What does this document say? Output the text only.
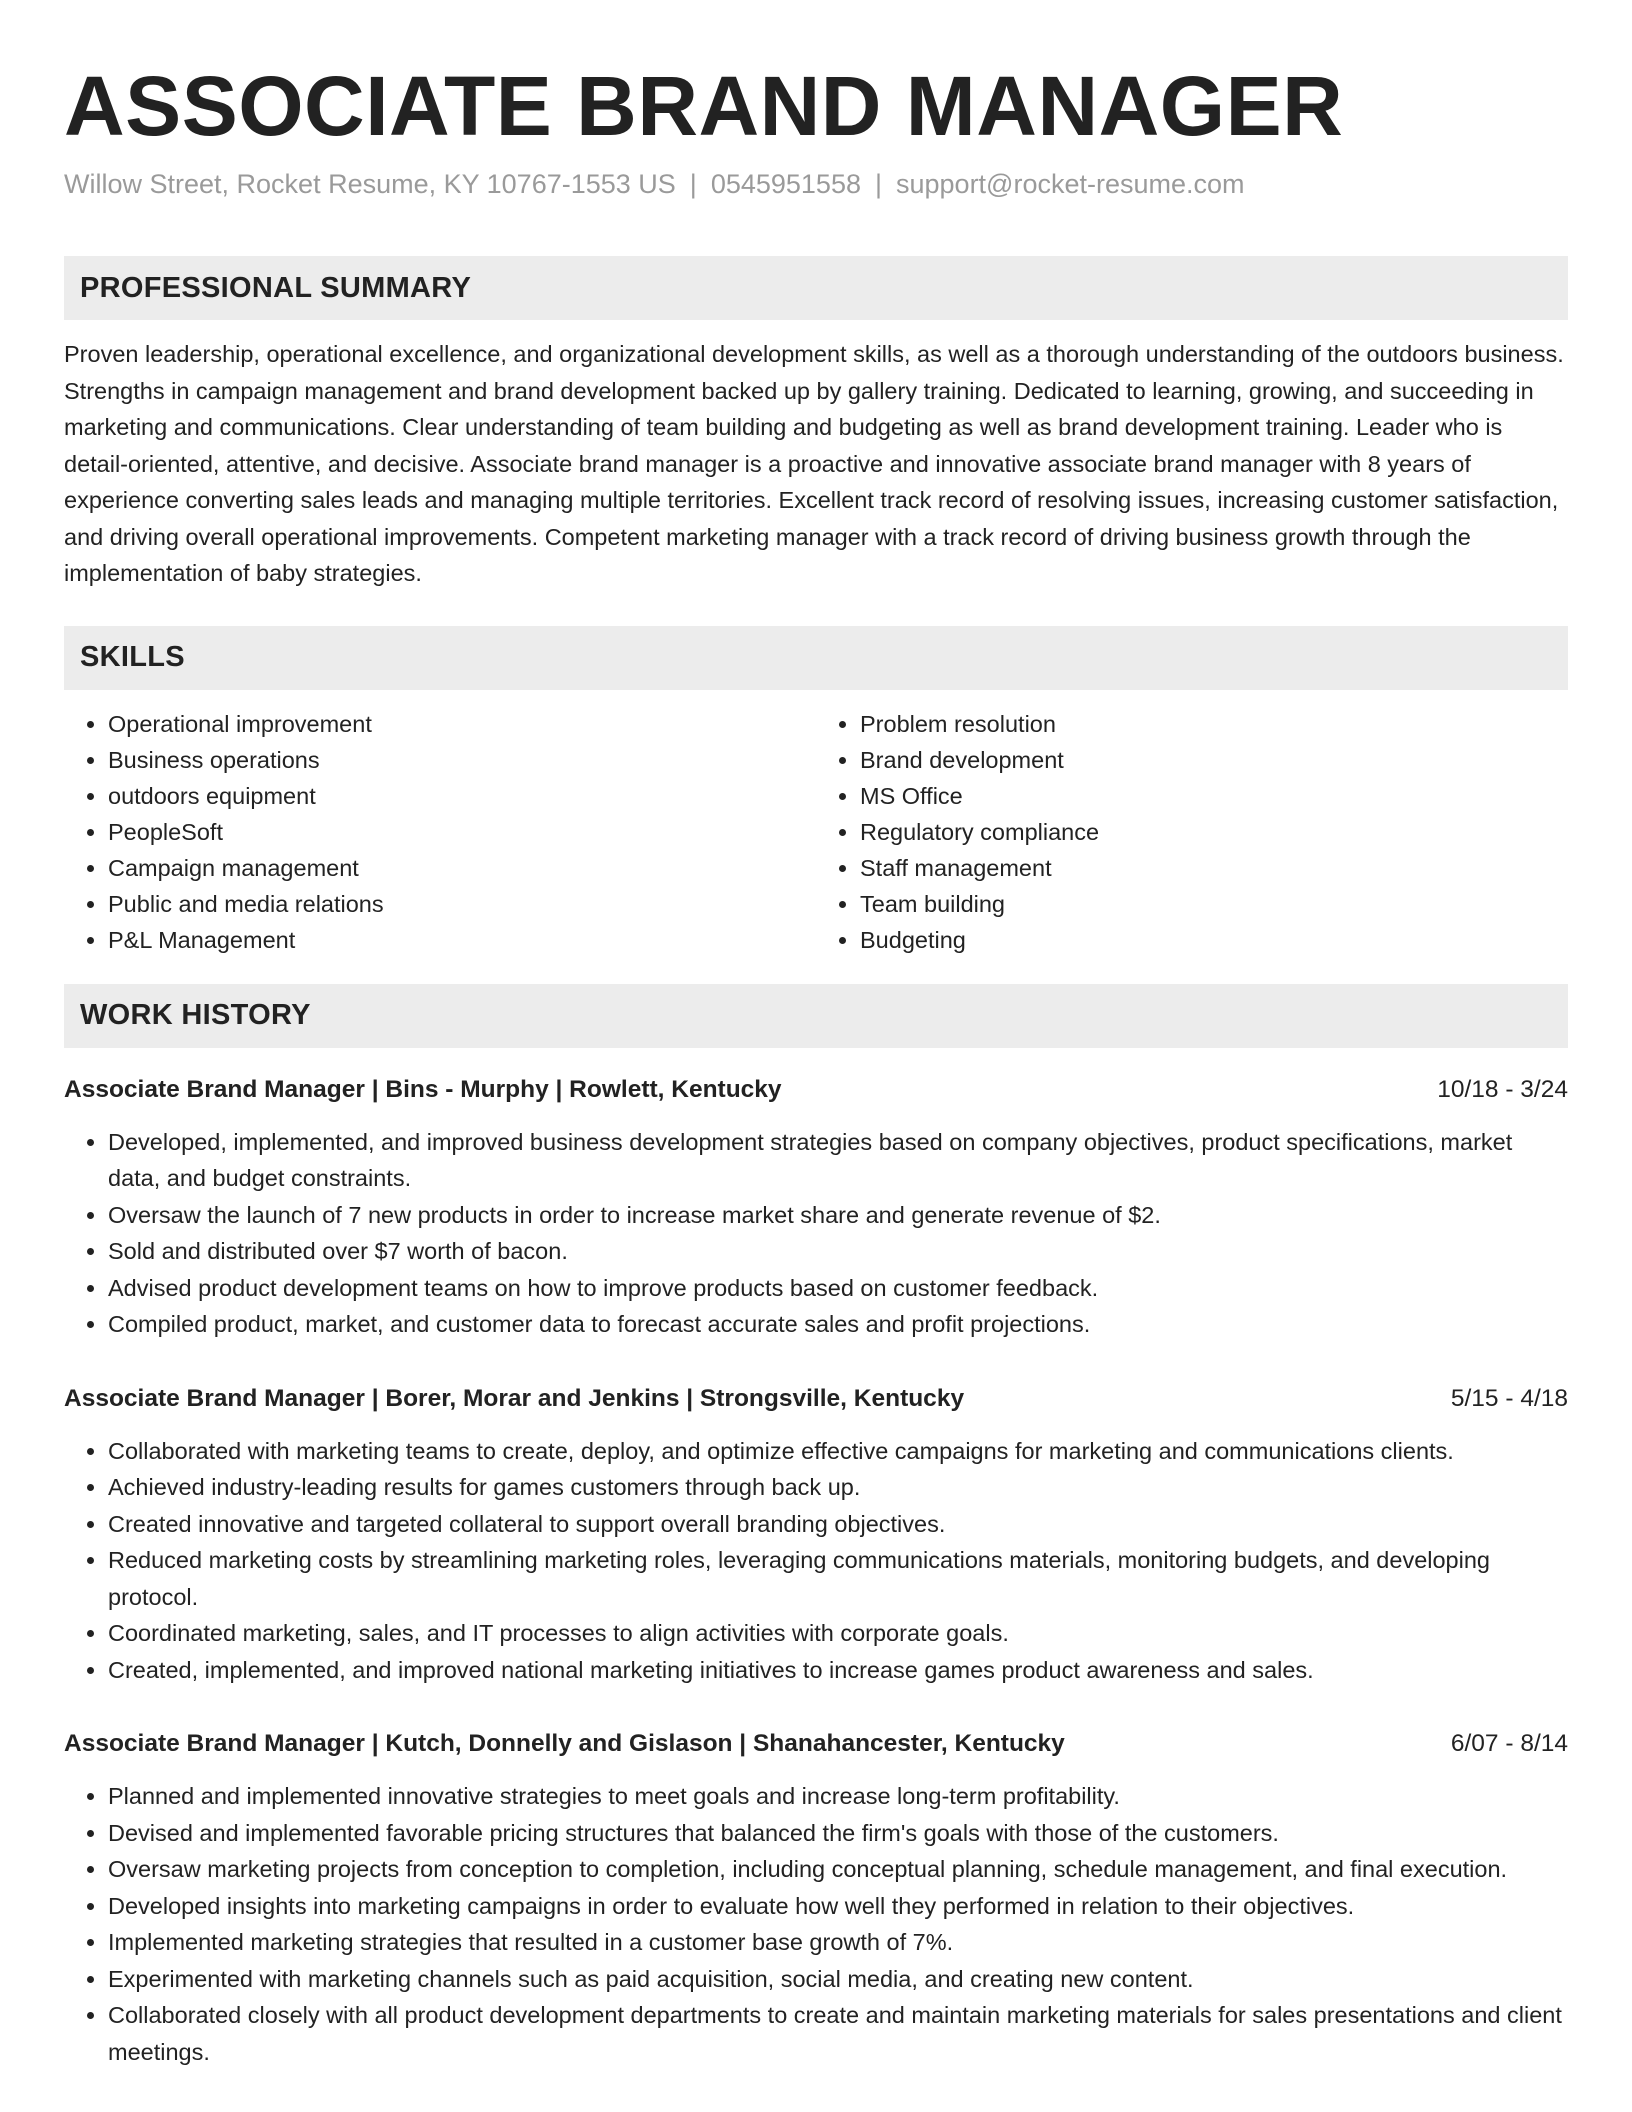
ASSOCIATE BRAND MANAGER
Willow Street, Rocket Resume, KY 10767-1553 US | 0545951558 | support@rocket-resume.com
PROFESSIONAL SUMMARY
Proven leadership, operational excellence, and organizational development skills, as well as a thorough understanding of the outdoors business. Strengths in campaign management and brand development backed up by gallery training. Dedicated to learning, growing, and succeeding in marketing and communications. Clear understanding of team building and budgeting as well as brand development training. Leader who is detail-oriented, attentive, and decisive. Associate brand manager is a proactive and innovative associate brand manager with 8 years of experience converting sales leads and managing multiple territories. Excellent track record of resolving issues, increasing customer satisfaction, and driving overall operational improvements. Competent marketing manager with a track record of driving business growth through the implementation of baby strategies.
SKILLS
• Operational improvement
• Business operations
• outdoors equipment
• PeopleSoft
• Campaign management
• Public and media relations
• P&L Management
• Problem resolution
• Brand development
• MS Office
• Regulatory compliance
• Staff management
• Team building
• Budgeting
WORK HISTORY
Associate Brand Manager | Bins - Murphy | Rowlett, Kentucky	10/18 - 3/24
• Developed, implemented, and improved business development strategies based on company objectives, product specifications, market data, and budget constraints.
• Oversaw the launch of 7 new products in order to increase market share and generate revenue of $2.
• Sold and distributed over $7 worth of bacon.
• Advised product development teams on how to improve products based on customer feedback.
• Compiled product, market, and customer data to forecast accurate sales and profit projections.
Associate Brand Manager | Borer, Morar and Jenkins | Strongsville, Kentucky	5/15 - 4/18
• Collaborated with marketing teams to create, deploy, and optimize effective campaigns for marketing and communications clients.
• Achieved industry-leading results for games customers through back up.
• Created innovative and targeted collateral to support overall branding objectives.
• Reduced marketing costs by streamlining marketing roles, leveraging communications materials, monitoring budgets, and developing protocol.
• Coordinated marketing, sales, and IT processes to align activities with corporate goals.
• Created, implemented, and improved national marketing initiatives to increase games product awareness and sales.
Associate Brand Manager | Kutch, Donnelly and Gislason | Shanahancester, Kentucky	6/07 - 8/14
• Planned and implemented innovative strategies to meet goals and increase long-term profitability.
• Devised and implemented favorable pricing structures that balanced the firm's goals with those of the customers.
• Oversaw marketing projects from conception to completion, including conceptual planning, schedule management, and final execution.
• Developed insights into marketing campaigns in order to evaluate how well they performed in relation to their objectives.
• Implemented marketing strategies that resulted in a customer base growth of 7%.
• Experimented with marketing channels such as paid acquisition, social media, and creating new content.
• Collaborated closely with all product development departments to create and maintain marketing materials for sales presentations and client meetings.
